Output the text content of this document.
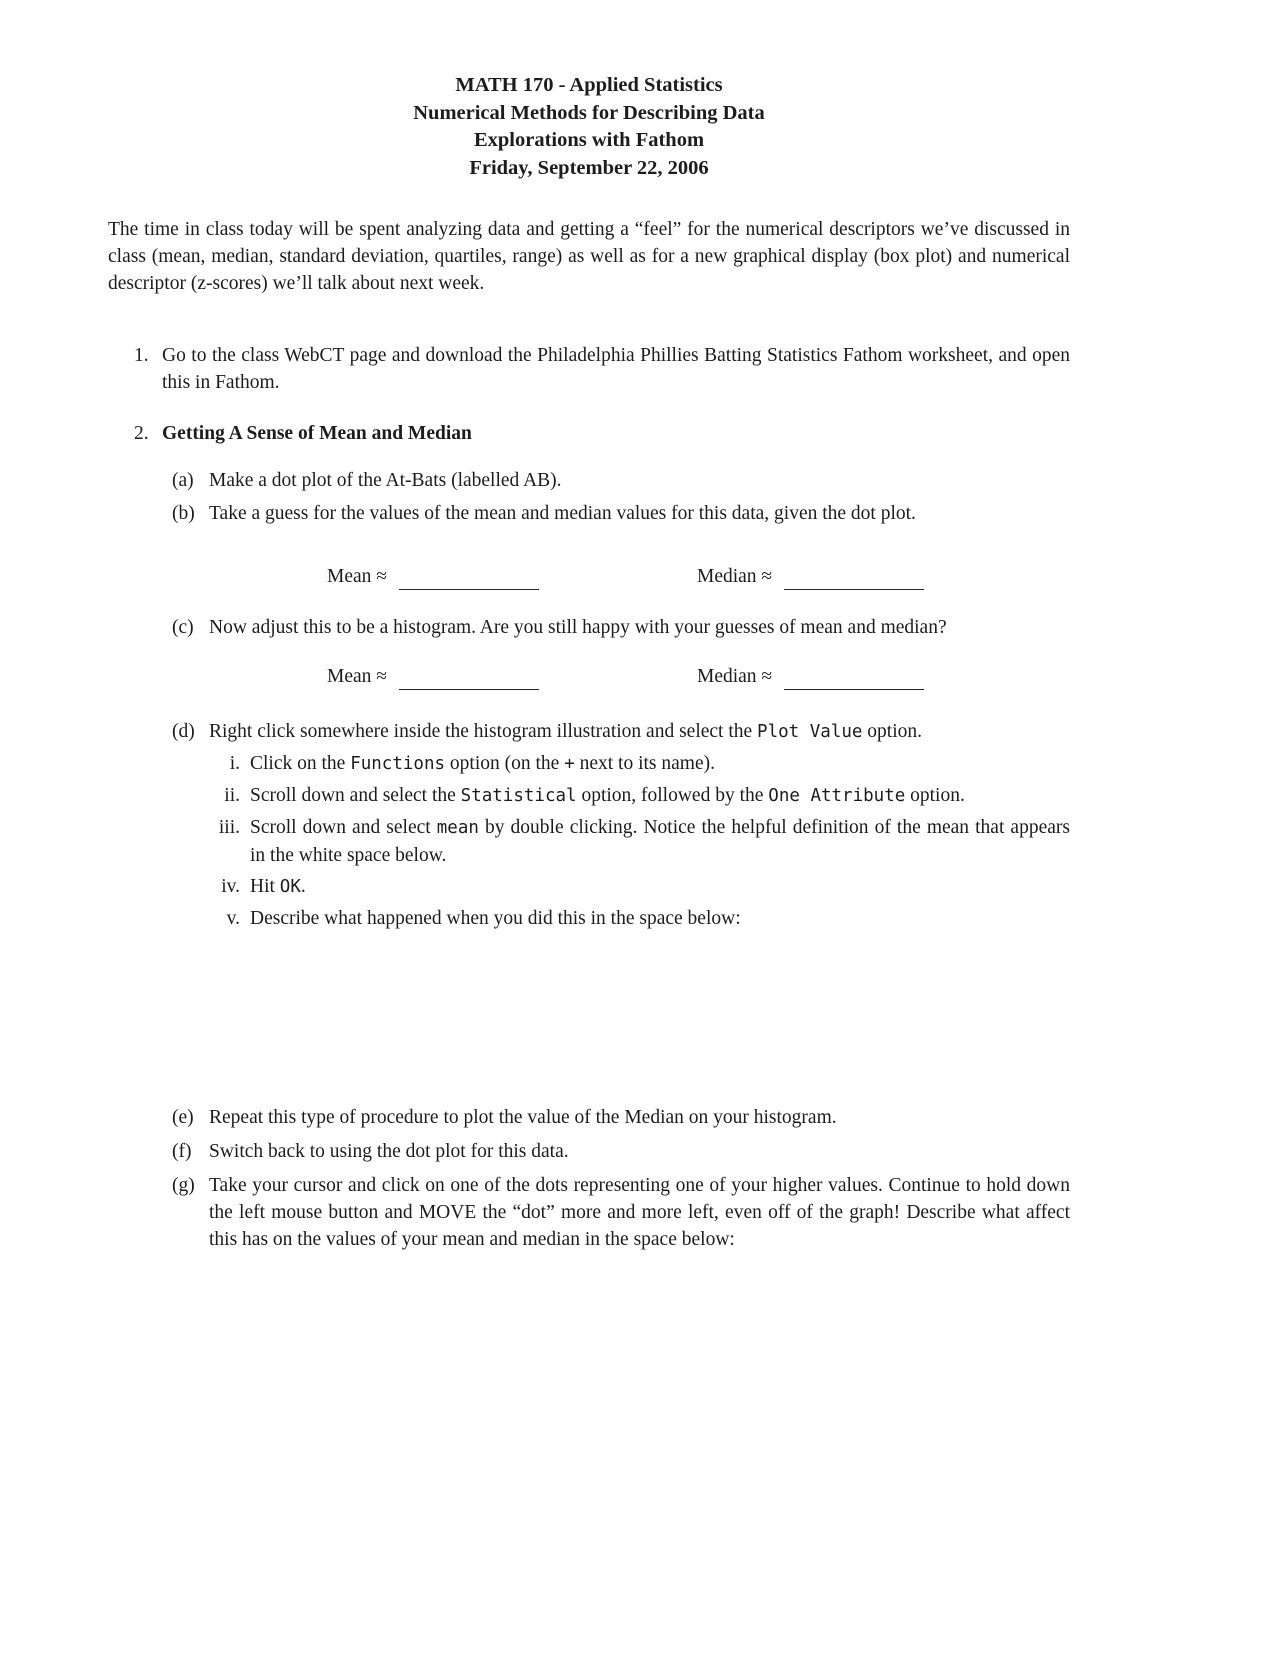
MATH 170 - Applied Statistics
Numerical Methods for Describing Data
Explorations with Fathom
Friday, September 22, 2006

The time in class today will be spent analyzing data and getting a “feel” for the numerical descriptors we’ve discussed in class (mean, median, standard deviation, quartiles, range) as well as for a new graphical display (box plot) and numerical descriptor (z-scores) we’ll talk about next week.

1. Go to the class WebCT page and download the Philadelphia Phillies Batting Statistics Fathom worksheet, and open this in Fathom.
2. Getting A Sense of Mean and Median
(a) Make a dot plot of the At-Bats (labelled AB).
(b) Take a guess for the values of the mean and median values for this data, given the dot plot.
Mean ≈	Median ≈
(c) Now adjust this to be a histogram. Are you still happy with your guesses of mean and median?
Mean ≈	Median ≈
(d) Right click somewhere inside the histogram illustration and select the Plot Value option.
i. Click on the Functions option (on the + next to its name).
ii. Scroll down and select the Statistical option, followed by the One Attribute option.
iii. Scroll down and select mean by double clicking. Notice the helpful definition of the mean that appears in the white space below.
iv. Hit OK.
v. Describe what happened when you did this in the space below:
(e) Repeat this type of procedure to plot the value of the Median on your histogram.
(f) Switch back to using the dot plot for this data.
(g) Take your cursor and click on one of the dots representing one of your higher values. Continue to hold down the left mouse button and MOVE the “dot” more and more left, even off of the graph! Describe what affect this has on the values of your mean and median in the space below:
